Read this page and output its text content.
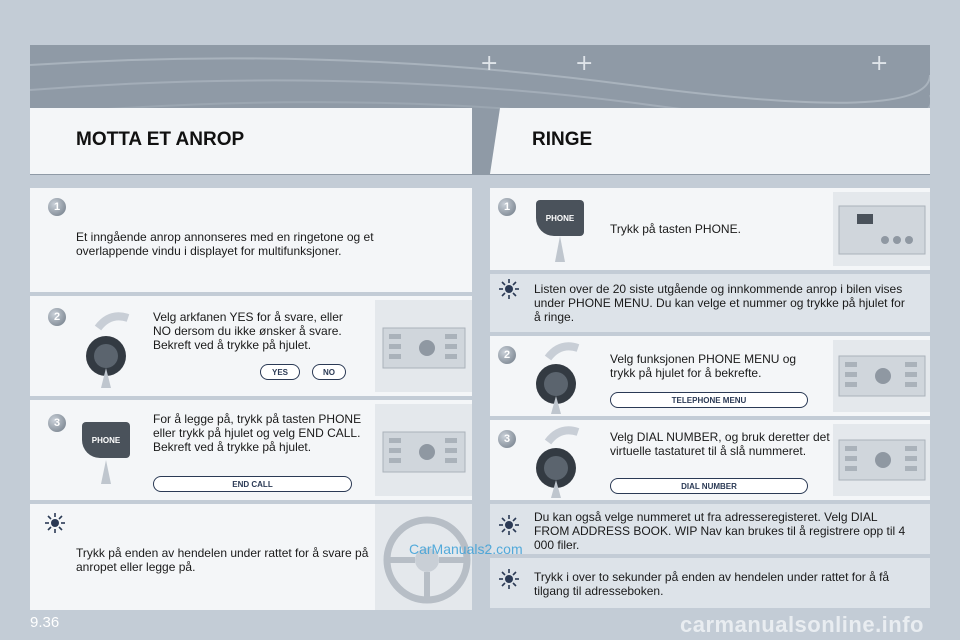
+	+	+
MOTTA ET ANROP	RINGE
1
Et inngående anrop annonseres med en ringetone og et overlappende vindu i displayet for multifunksjoner.
2	Velg arkfanen YES for å svare, eller NO dersom du ikke ønsker å svare. Bekreft ved å trykke på hjulet.
YES	NO
3
PHONE
For å legge på, trykk på tasten PHONE eller trykk på hjulet og velg END CALL. Bekreft ved å trykke på hjulet.
END CALL
Trykk på enden av hendelen under rattet for å svare på anropet eller legge på.
1
PHONE
Trykk på tasten PHONE.
Listen over de 20 siste utgående og innkommende anrop i bilen vises under PHONE MENU. Du kan velge et nummer og trykke på hjulet for å ringe.
2	Velg funksjonen PHONE MENU og trykk på hjulet for å bekrefte.
TELEPHONE MENU
3	Velg DIAL NUMBER, og bruk deretter det virtuelle tastaturet til å slå nummeret.
DIAL NUMBER
Du kan også velge nummeret ut fra adresseregisteret. Velg DIAL FROM ADDRESS BOOK. WIP Nav kan brukes til å registrere opp til 4 000 filer.
Trykk i over to sekunder på enden av hendelen under rattet for å få tilgang til adresseboken.
CarManuals2.com
9.36	carmanualsonline.info
